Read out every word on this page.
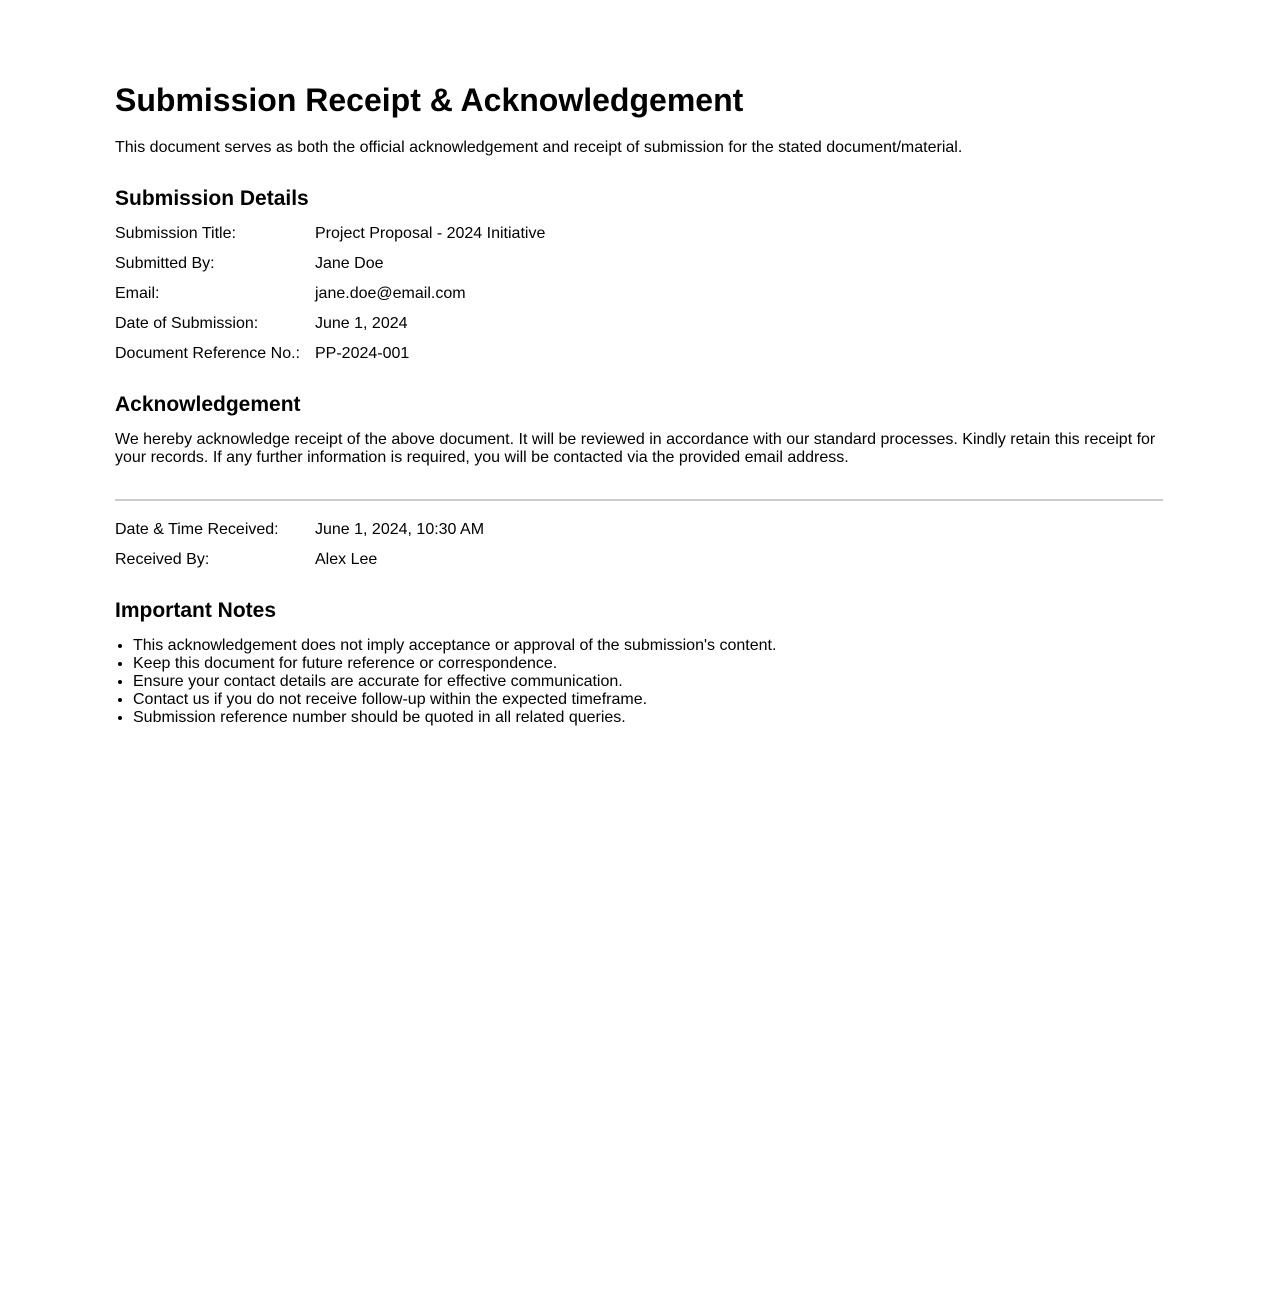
Submission Receipt & Acknowledgement

This document serves as both the official acknowledgement and receipt of submission for the stated document/material.

Submission Details
Submission Title:	Project Proposal - 2024 Initiative
Submitted By:	Jane Doe
Email:	jane.doe@email.com
Date of Submission:	June 1, 2024
Document Reference No.: PP-2024-001
Acknowledgement

We hereby acknowledge receipt of the above document. It will be reviewed in accordance with our standard processes. Kindly retain this receipt for your records. If any further information is required, you will be contacted via the provided email address.

Date & Time Received:	June 1, 2024, 10:30 AM
Received By:	Alex Lee
Important Notes
• This acknowledgement does not imply acceptance or approval of the submission's content.
• Keep this document for future reference or correspondence.
• Ensure your contact details are accurate for effective communication.
• Contact us if you do not receive follow-up within the expected timeframe.
• Submission reference number should be quoted in all related queries.
